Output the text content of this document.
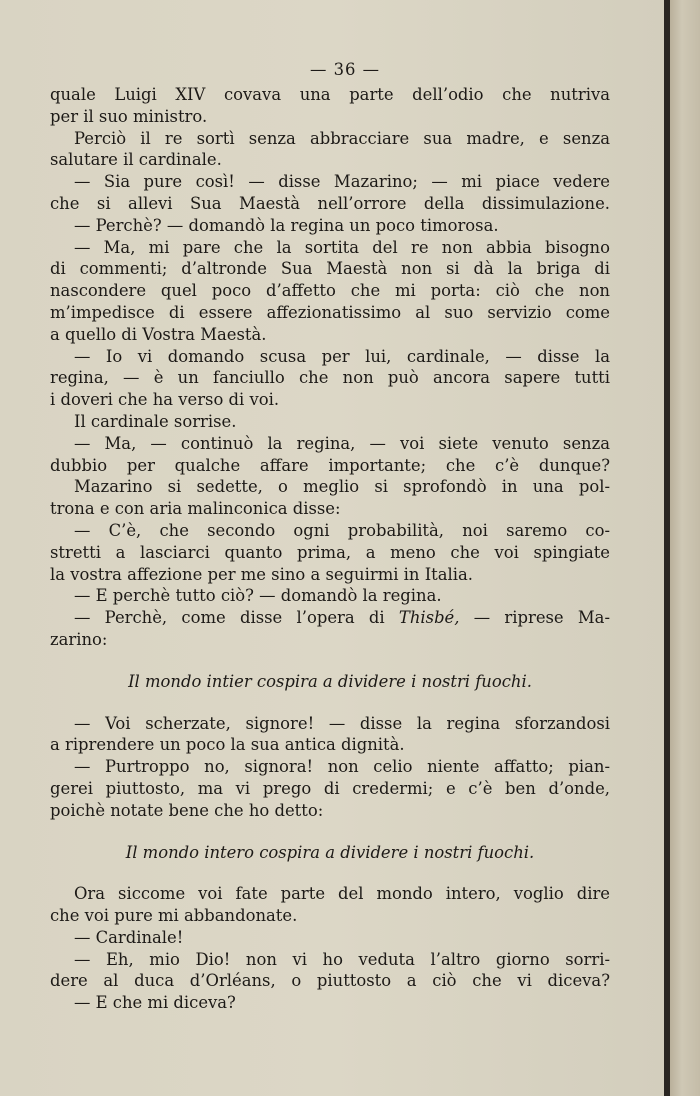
— 36 —
quale Luigi XIV covava una parte dell’odio che nutriva
per il suo ministro.
Perciò il re sortì senza abbracciare sua madre, e senza
salutare il cardinale.
— Sia pure così! — disse Mazarino; — mi piace vedere
che si allevi Sua Maestà nell’orrore della dissimulazione.
— Perchè? — domandò la regina un poco timorosa.
— Ma, mi pare che la sortita del re non abbia bisogno
di commenti; d’altronde Sua Maestà non si dà la briga di
nascondere quel poco d’affetto che mi porta: ciò che non
m’impedisce di essere affezionatissimo al suo servizio come
a quello di Vostra Maestà.
— Io vi domando scusa per lui, cardinale, — disse la
regina, — è un fanciullo che non può ancora sapere tutti
i doveri che ha verso di voi.
Il cardinale sorrise.
— Ma, — continuò la regina, — voi siete venuto senza
dubbio per qualche affare importante; che c’è dunque?
Mazarino si sedette, o meglio si sprofondò in una pol-
trona e con aria malinconica disse:
— C’è, che secondo ogni probabilità, noi saremo co-
stretti a lasciarci quanto prima, a meno che voi spingiate
la vostra affezione per me sino a seguirmi in Italia.
— E perchè tutto ciò? — domandò la regina.
— Perchè, come disse l’opera di Thisbé, — riprese Ma-
zarino:
Il mondo intier cospira a dividere i nostri fuochi.
— Voi scherzate, signore! — disse la regina sforzandosi
a riprendere un poco la sua antica dignità.
— Purtroppo no, signora! non celio niente affatto; pian-
gerei piuttosto, ma vi prego di credermi; e c’è ben d’onde,
poichè notate bene che ho detto:
Il mondo intero cospira a dividere i nostri fuochi.
Ora siccome voi fate parte del mondo intero, voglio dire
che voi pure mi abbandonate.
— Cardinale!
— Eh, mio Dio! non vi ho veduta l’altro giorno sorri-
dere al duca d’Orléans, o piuttosto a ciò che vi diceva?
— E che mi diceva?
